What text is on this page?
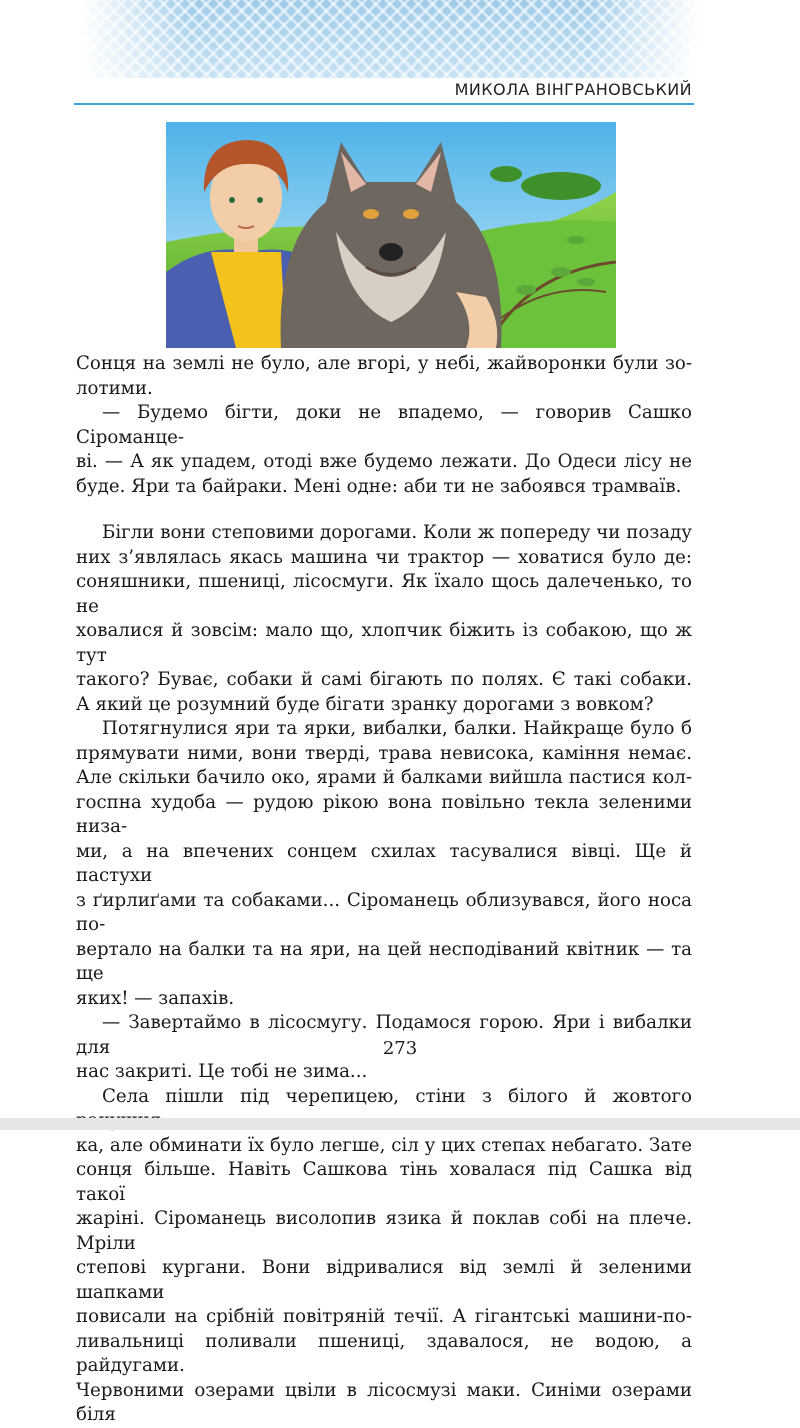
МИКОЛА ВІНГРАНОВСЬКИЙ

Сонця на землі не було, але вгорі, у небі, жайворонки були зо-

лотими.

— Будемо бігти, доки не впадемо, — говорив Сашко Сіроманце-

ві. — А як упадем, отоді вже будемо лежати. До Одеси лісу не

буде. Яри та байраки. Мені одне: аби ти не забоявся трамваїв.

Бігли вони степовими дорогами. Коли ж попереду чи позаду

них з’являлась якась машина чи трактор — ховатися було де:

соняшники, пшениці, лісосмуги. Як їхало щось далеченько, то не

ховалися й зовсім: мало що, хлопчик біжить із собакою, що ж тут

такого? Буває, собаки й самі бігають по полях. Є такі собаки.

А який це розумний буде бігати зранку дорогами з вовком?

Потягнулися яри та ярки, вибалки, балки. Найкраще було б

прямувати ними, вони тверді, трава невисока, каміння немає.

Але скільки бачило око, ярами й балками вийшла пастися кол-

госпна худоба — рудою рікою вона повільно текла зеленими низа-

ми, а на впечених сонцем схилах тасувалися вівці. Ще й пастухи

з ґирлиґами та собаками... Сіроманець облизувався, його носа по-

вертало на балки та на яри, на цей несподіваний квітник — та ще

яких! — запахів.

— Завертаймо в лісосмугу. Подамося горою. Яри і вибалки для

нас закриті. Це тобі не зима...

Села пішли під черепицею, стіни з білого й жовтого

ка, але обминати їх було легше, сіл у цих степах небагато. Зате

сонця більше. Навіть Сашкова тінь ховалася під Сашка від такої

жаріні. Сіроманець висолопив язика й поклав собі на плече. Мріли

степові кургани. Вони відривалися від землі й зеленими шапками

повисали на срібній повітряній течії. А гігантські машини-по-

ливальниці поливали пшениці, здавалося, не водою, а райдугами.

Червоними озерами цвіли в лісосмузі маки. Синіми озерами біля

273
